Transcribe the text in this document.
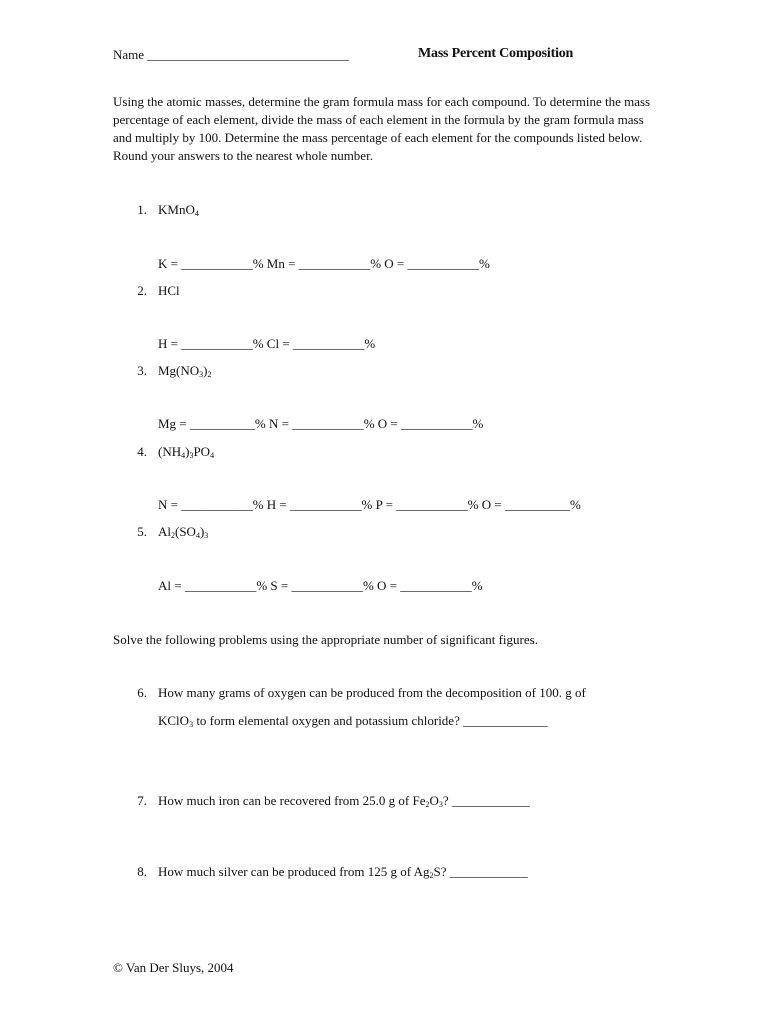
Name _______________________________	Mass Percent Composition
Using the atomic masses, determine the gram formula mass for each compound. To determine the mass percentage of each element, divide the mass of each element in the formula by the gram formula mass and multiply by 100. Determine the mass percentage of each element for the compounds listed below. Round your answers to the nearest whole number.
1. KMnO$_4$
K = ___________% Mn = ___________% O = ___________%
2. HCl
H = ___________% Cl = ___________%
3. $Mg(NO_3)_2$
Mg = __________% N = ___________% O = ___________%
4. $(NH_4)_3PO_4$
N = ___________% H = ___________% P = ___________% O = __________%
5. $Al_2(SO_4)_3$
Al = ___________% S = ___________% O = ___________%
Solve the following problems using the appropriate number of significant figures.
6. How many grams of oxygen can be produced from the decomposition of 100. g of
KClO$_3$ to form elemental oxygen and potassium chloride? _____________
7. How much iron can be recovered from 25.0 g of $Fe_2O_3$? ____________
8. How much silver can be produced from 125 g of $Ag_2S$? ____________
© Van Der Sluys, 2004
